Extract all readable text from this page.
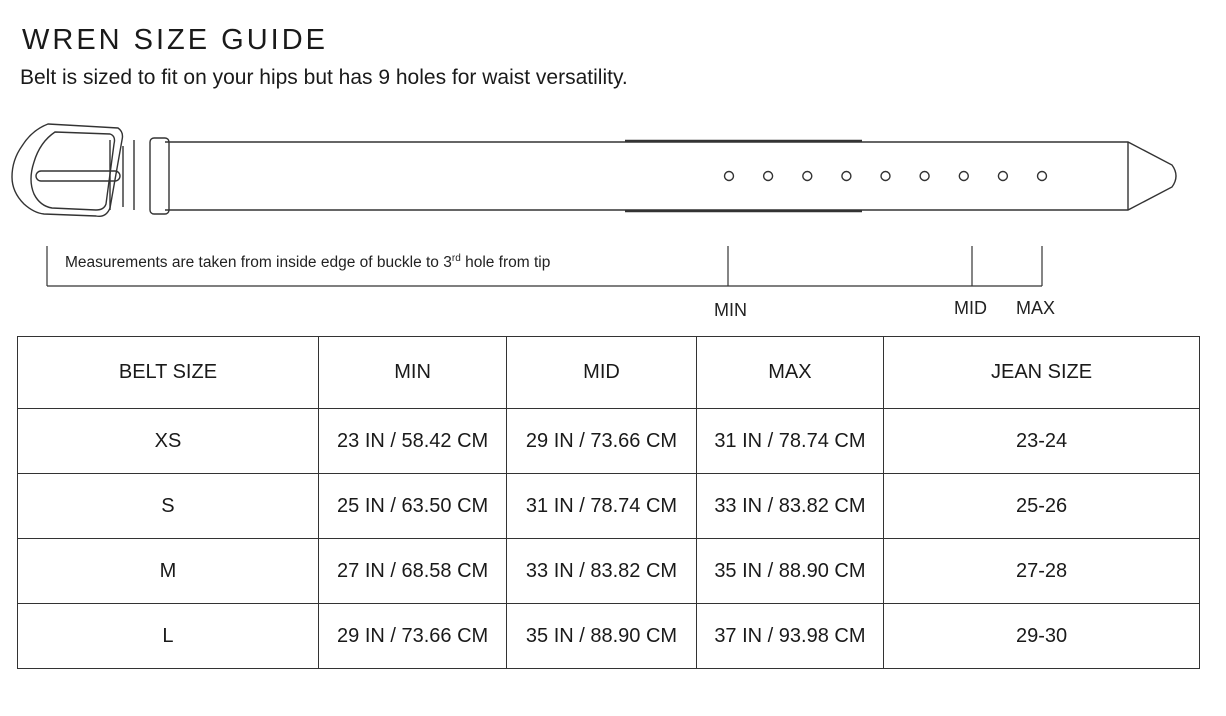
WREN SIZE GUIDE
Belt is sized to fit on your hips but has 9 holes for waist versatility.
Measurements are taken from inside edge of buckle to 3rd hole from tip
MIN	MID MAX
BELT SIZE	MIN	MID	MAX	JEAN SIZE
XS	23 IN / 58.42 CM	29 IN / 73.66 CM	31 IN / 78.74 CM	23-24
S	25 IN / 63.50 CM	31 IN / 78.74 CM	33 IN / 83.82 CM	25-26
M	27 IN / 68.58 CM	33 IN / 83.82 CM	35 IN / 88.90 CM	27-28
L	29 IN / 73.66 CM	35 IN / 88.90 CM	37 IN / 93.98 CM	29-30
